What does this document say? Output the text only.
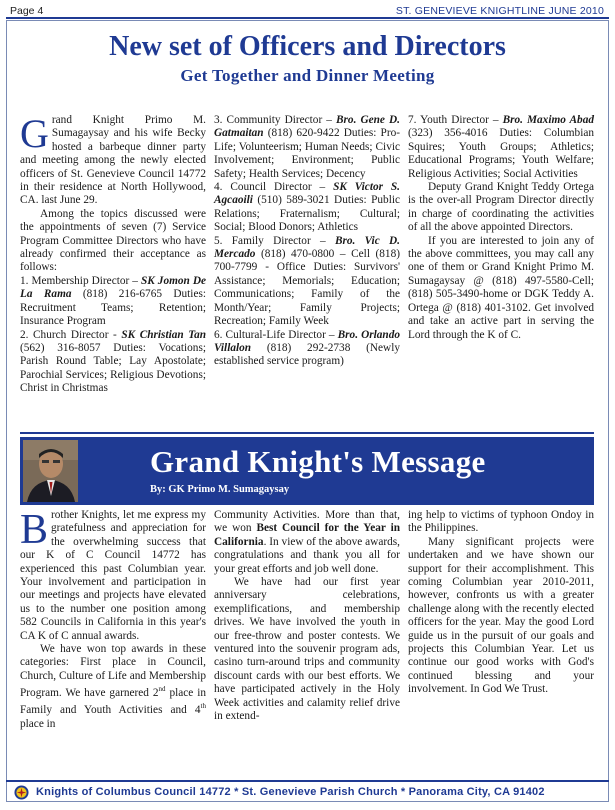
Page 4	ST. GENEVIEVE KNIGHTLINE JUNE 2010
New set of Officers and Directors
Get Together and Dinner Meeting

Grand Knight Primo M. Sumagaysay and his wife Becky hosted a barbeque dinner party and meeting among the newly elected officers of St. Genevieve Council 14772 in their residence at North Hollywood, CA. last June 29.

Among the topics discussed were the appointments of seven (7) Service Program Committee Directors who have already confirmed their acceptance as follows:

1. Membership Director – SK Jomon De La Rama (818) 216-6765 Duties: Recruitment Teams; Retention; Insurance Program

2. Church Director - SK Christian Tan (562) 316-8057 Duties: Vocations; Parish Round Table; Lay Apostolate; Parochial Services; Religious Devotions; Christ in Christmas

3. Community Director – Bro. Gene D. Gatmaitan (818) 620-9422 Duties: Pro-Life; Volunteerism; Human Needs; Civic Involvement; Environment; Public Safety; Health Services; Decency

4. Council Director – SK Victor S. Agcaoili (510) 589-3021 Duties: Public Relations; Fraternalism; Cultural; Social; Blood Donors; Athletics

5. Family Director – Bro. Vic D. Mercado (818) 470-0800 – Cell (818) 700-7799 - Office Duties: Survivors' Assistance; Memorials; Education; Communications; Family of the Month/Year; Family Projects; Recreation; Family Week

6. Cultural-Life Director – Bro. Orlando Villalon (818) 292-2738 (Newly established service program)

7. Youth Director – Bro. Maximo Abad (323) 356-4016 Duties: Columbian Squires; Youth Groups; Athletics; Educational Programs; Youth Welfare; Religious Activities; Social Activities

Deputy Grand Knight Teddy Ortega is the over-all Program Director directly in charge of coordinating the activities of all the above appointed Directors.

If you are interested to join any of the above committees, you may call any one of them or Grand Knight Primo M. Sumagaysay @ (818) 497-5580-Cell; (818) 505-3490-home or DGK Teddy A. Ortega @ (818) 401-3102. Get involved and take an active part in serving the Lord through the K of C.

Grand Knight's Message
By: GK Primo M. Sumagaysay

Brother Knights, let me express my gratefulness and appreciation for the overwhelming success that our K of C Council 14772 has experienced this past Columbian year. Your involvement and participation in our meetings and projects have elevated us to the number one position among 582 Councils in California in this year's CA K of C annual awards.

We have won top awards in these categories: First place in Council, Church, Culture of Life and Membership Program. We have garnered 2nd place in Family and Youth Activities and 4th place in

Community Activities. More than that, we won Best Council for the Year in California. In view of the above awards, congratulations and thank you all for your great efforts and job well done.

We have had our first year anniversary celebrations, exemplifications, and membership drives. We have involved the youth in our free-throw and poster contests. We ventured into the souvenir program ads, casino turn-around trips and community discount cards with our best efforts. We have participated actively in the Holy Week activities and calamity relief drive in extend-

ing help to victims of typhoon Ondoy in the Philippines.

Many significant projects were undertaken and we have shown our support for their accomplishment. This coming Columbian year 2010-2011, however, confronts us with a greater challenge along with the recently elected officers for the year. May the good Lord guide us in the pursuit of our goals and projects this Columbian Year. Let us continue our good works with God's continued blessing and your involvement. In God We Trust.

Knights of Columbus Council 14772 * St. Genevieve Parish Church * Panorama City, CA 91402
